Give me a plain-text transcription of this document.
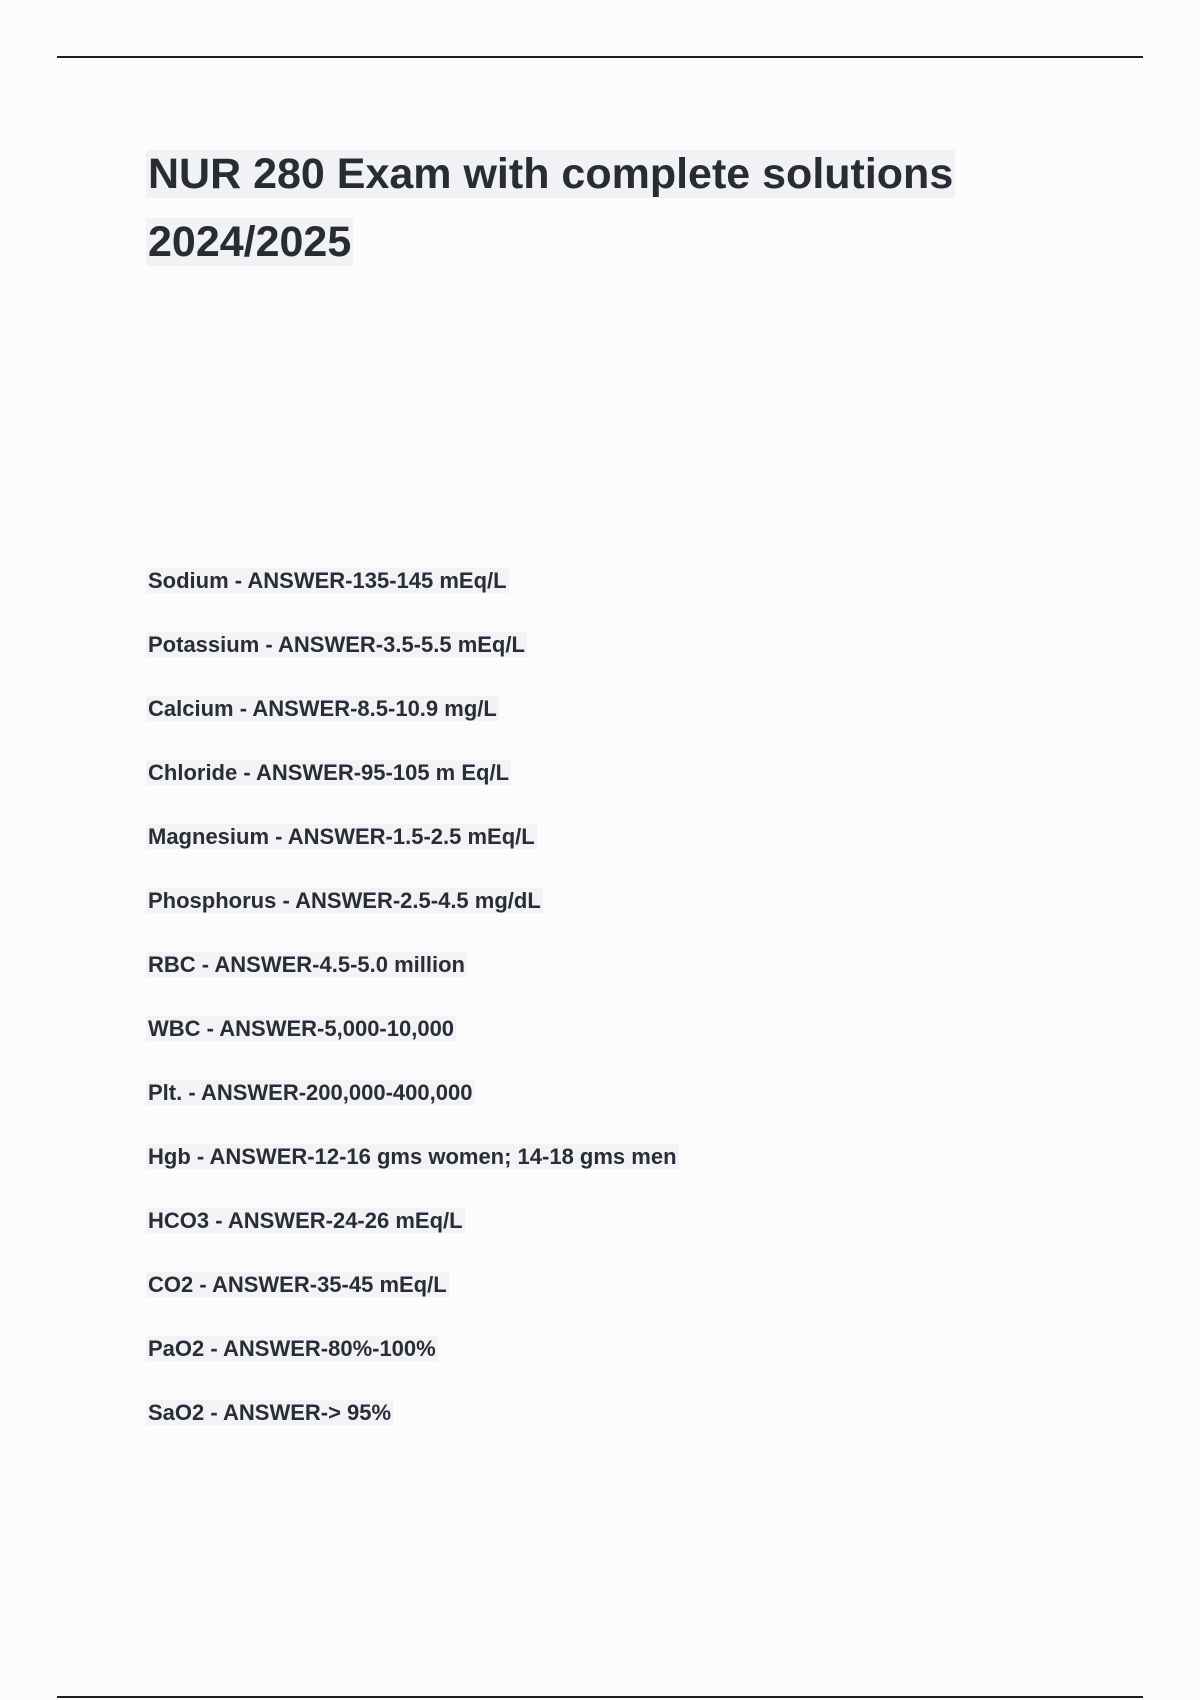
NUR 280 Exam with complete solutions 2024/2025
Sodium - ANSWER-135-145 mEq/L
Potassium - ANSWER-3.5-5.5 mEq/L
Calcium - ANSWER-8.5-10.9 mg/L
Chloride - ANSWER-95-105 m Eq/L
Magnesium - ANSWER-1.5-2.5 mEq/L
Phosphorus - ANSWER-2.5-4.5 mg/dL
RBC - ANSWER-4.5-5.0 million
WBC - ANSWER-5,000-10,000
Plt. - ANSWER-200,000-400,000
Hgb - ANSWER-12-16 gms women; 14-18 gms men
HCO3 - ANSWER-24-26 mEq/L
CO2 - ANSWER-35-45 mEq/L
PaO2 - ANSWER-80%-100%
SaO2 - ANSWER-> 95%
